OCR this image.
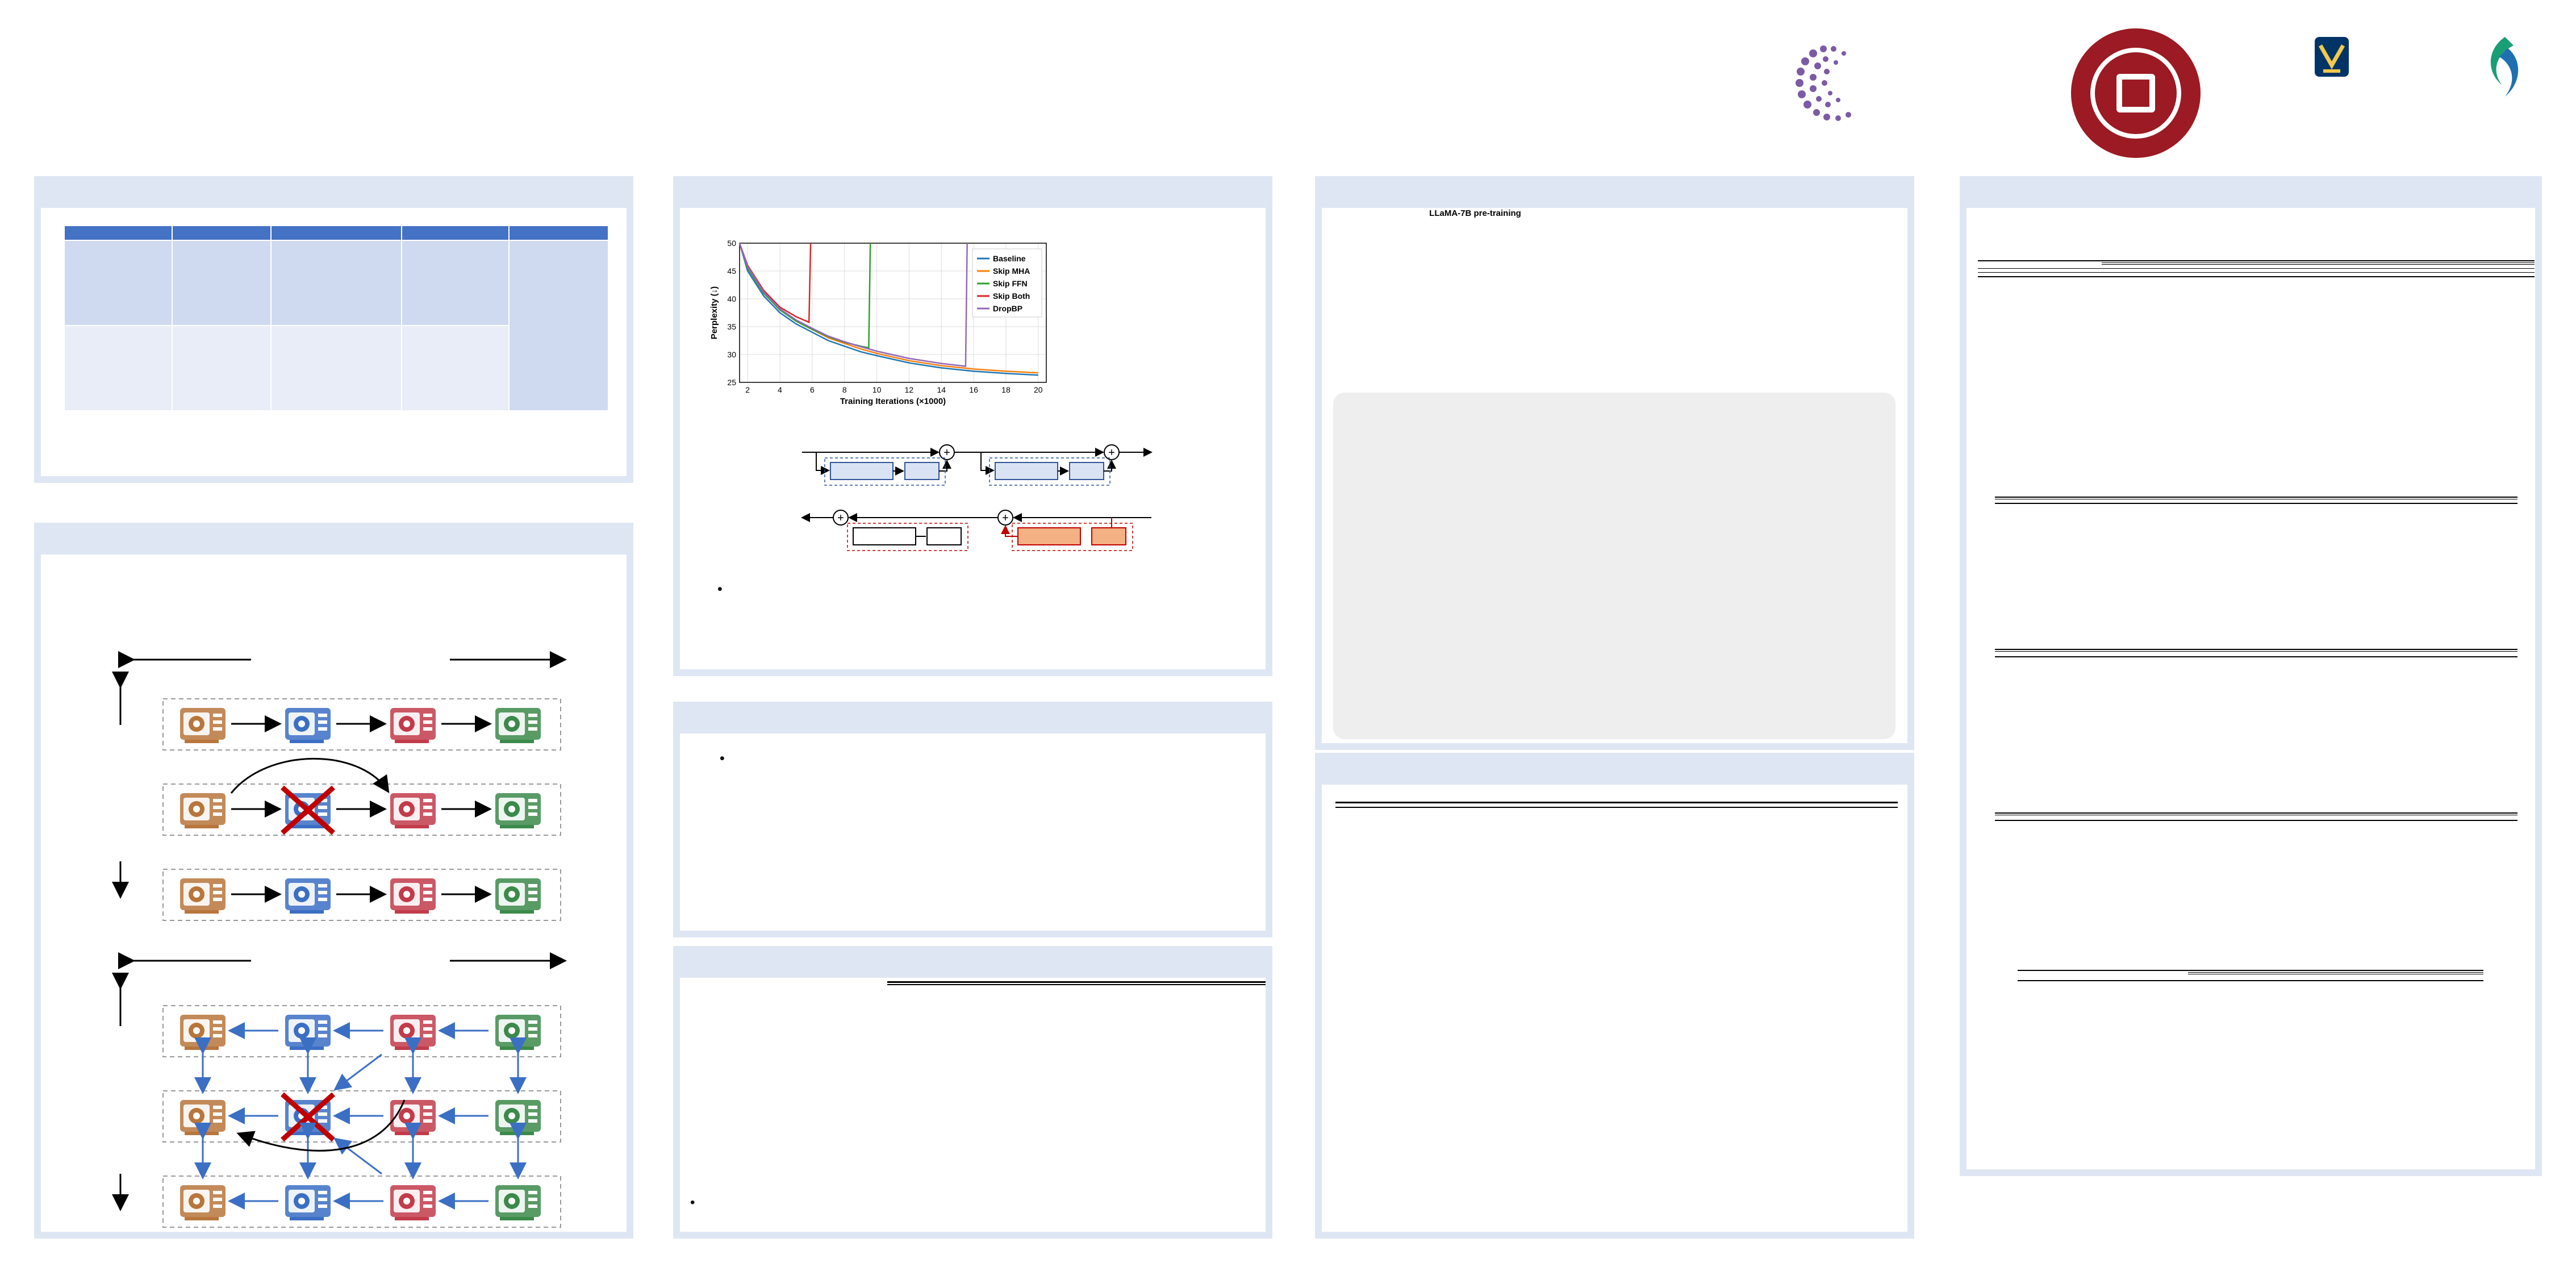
25
30
35
40
45
50
2	4	6	8	10	12	14	16	18	20
Training Iterations (×1000)
Perplexity (↓)
Baseline
Skip MHA
Skip FFN
Skip Both
DropBP
+	+
+	+
LLaMA-7B pre-training
